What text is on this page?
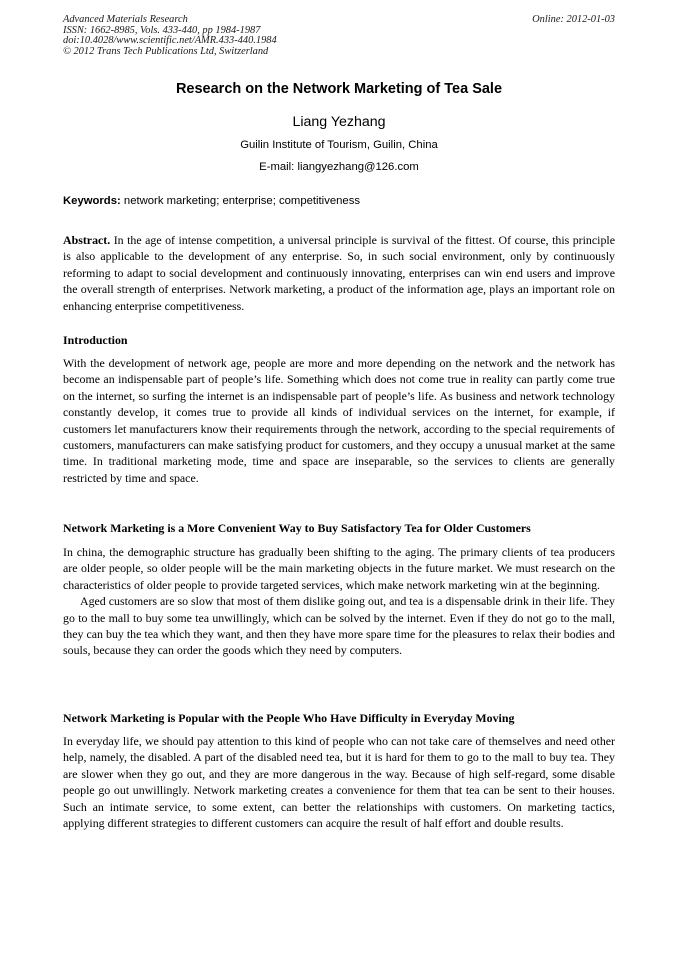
Advanced Materials Research
ISSN: 1662-8985, Vols. 433-440, pp 1984-1987
doi:10.4028/www.scientific.net/AMR.433-440.1984
© 2012 Trans Tech Publications Ltd, Switzerland
Online: 2012-01-03
Research on the Network Marketing of Tea Sale
Liang Yezhang
Guilin Institute of Tourism, Guilin, China
E-mail: liangyezhang@126.com
Keywords: network marketing; enterprise; competitiveness

Abstract. In the age of intense competition, a universal principle is survival of the fittest. Of course, this principle is also applicable to the development of any enterprise. So, in such social environment, only by continuously reforming to adapt to social development and continuously innovating, enterprises can win end users and improve the overall strength of enterprises. Network marketing, a product of the information age, plays an important role on enhancing enterprise competitiveness.

Introduction

With the development of network age, people are more and more depending on the network and the network has become an indispensable part of people’s life. Something which does not come true in reality can partly come true on the internet, so surfing the internet is an indispensable part of people’s life. As business and network technology constantly develop, it comes true to provide all kinds of individual services on the internet, for example, if customers let manufacturers know their requirements through the network, according to the special requirements of customers, manufacturers can make satisfying product for customers, and they occupy a unusual market at the same time. In traditional marketing mode, time and space are inseparable, so the services to clients are generally restricted by time and space.

Network Marketing is a More Convenient Way to Buy Satisfactory Tea for Older Customers

In china, the demographic structure has gradually been shifting to the aging. The primary clients of tea producers are older people, so older people will be the main marketing objects in the future market. We must research on the characteristics of older people to provide targeted services, which make network marketing win at the beginning.

Aged customers are so slow that most of them dislike going out, and tea is a dispensable drink in their life. They go to the mall to buy some tea unwillingly, which can be solved by the internet. Even if they do not go to the mall, they can buy the tea which they want, and then they have more spare time for the pleasures to relax their bodies and souls, because they can order the goods which they need by computers.

Network Marketing is Popular with the People Who Have Difficulty in Everyday Moving

In everyday life, we should pay attention to this kind of people who can not take care of themselves and need other help, namely, the disabled. A part of the disabled need tea, but it is hard for them to go to the mall to buy tea. They are slower when they go out, and they are more dangerous in the way. Because of high self-regard, some disable people go out unwillingly. Network marketing creates a convenience for them that tea can be sent to their houses. Such an intimate service, to some extent, can better the relationships with customers. On marketing tactics, applying different strategies to different customers can acquire the result of half effort and double results.
